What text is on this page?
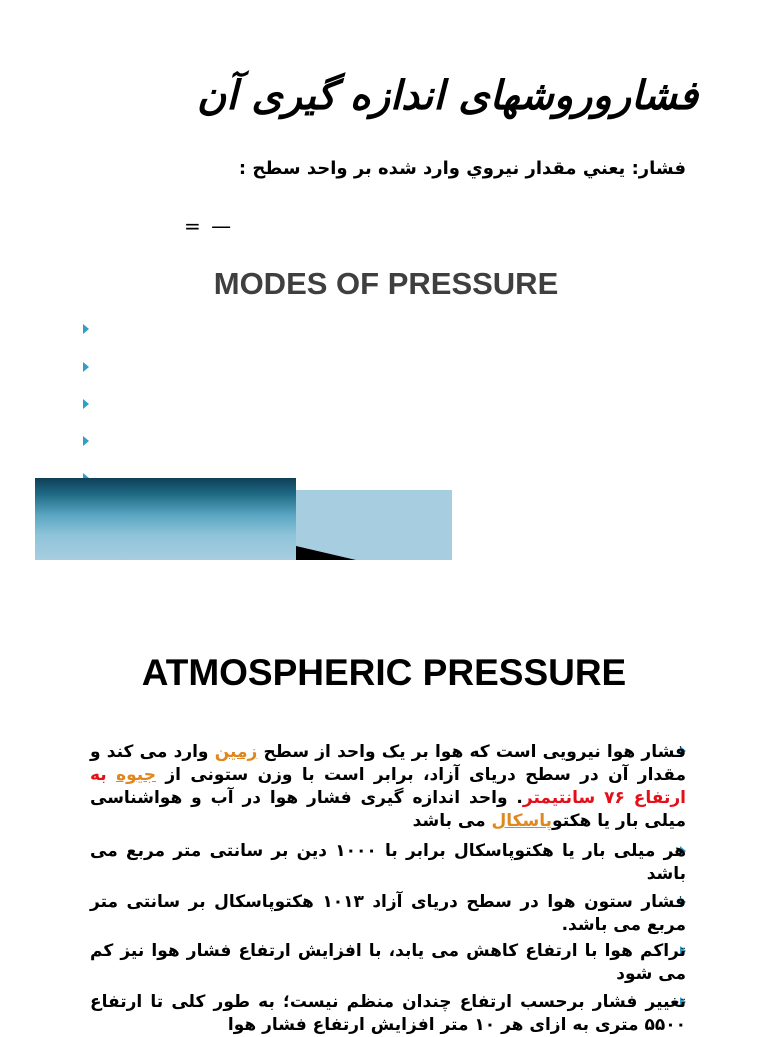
فشاروروشهای اندازه گیری آن
فشار: يعني مقدار نيروي وارد شده بر واحد سطح :
= —
MODES OF PRESSURE
ATMOSPHERIC PRESSURE
فشار هوا نیرویی است که هوا بر یک واحد از سطح زمین وارد می کند و مقدار آن در سطح دریای آزاد، برابر است با وزن ستونی از جیوه به ارتفاع ۷۶ سانتیمتر. واحد اندازه گیری فشار هوا در آب و هواشناسی میلی بار یا هکتوپاسکال می باشد
هر میلی بار یا هکتوپاسکال برابر با ۱۰۰۰ دین بر سانتی متر مربع می باشد
فشار ستون هوا در سطح دریای آزاد ۱۰۱۳ هکتوپاسکال بر سانتی متر مربع می باشد.
تراکم هوا با ارتفاع کاهش می یابد، با افزایش ارتفاع فشار هوا نیز کم می شود
تغییر فشار برحسب ارتفاع چندان منظم نیست؛ به طور کلی تا ارتفاع ۵۵۰۰ متری به ازای هر ۱۰ متر افزایش ارتفاع فشار هوا
